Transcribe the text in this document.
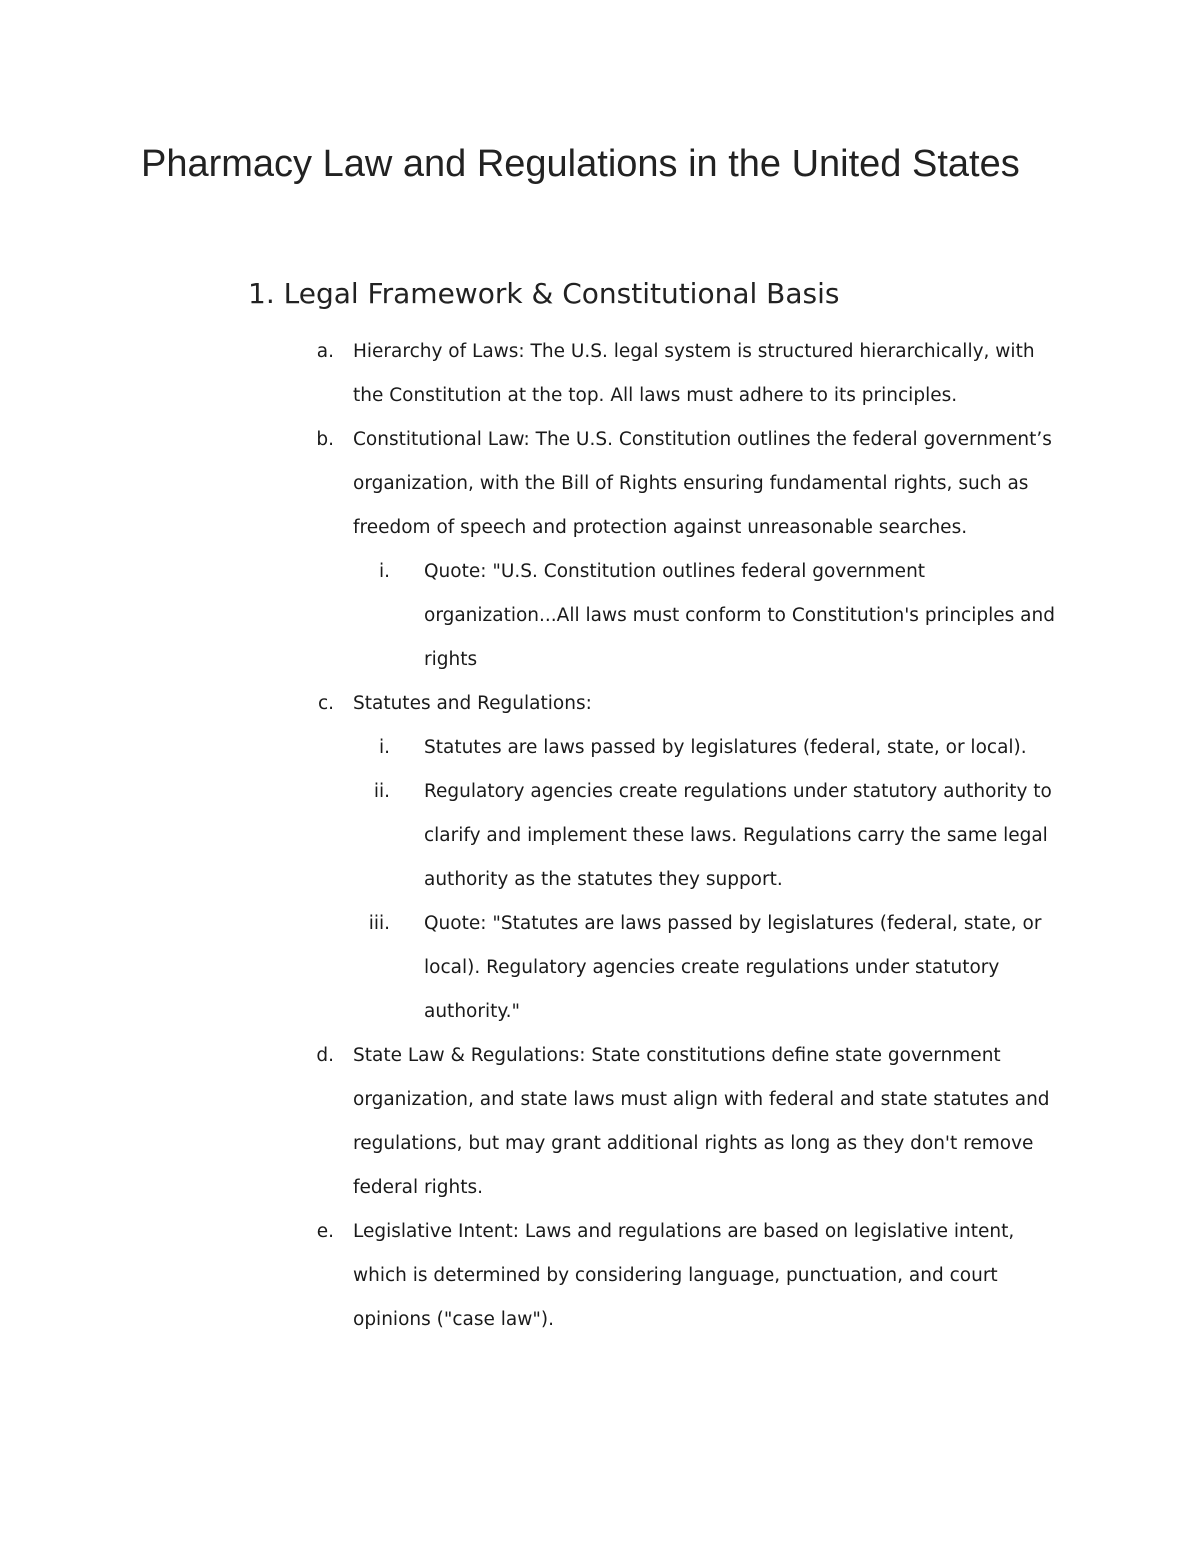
Pharmacy Law and Regulations in the United States
1. Legal Framework & Constitutional Basis
a. Hierarchy of Laws: The U.S. legal system is structured hierarchically, with the Constitution at the top. All laws must adhere to its principles.
b. Constitutional Law: The U.S. Constitution outlines the federal government’s organization, with the Bill of Rights ensuring fundamental rights, such as freedom of speech and protection against unreasonable searches.
i. Quote: "U.S. Constitution outlines federal government organization...All laws must conform to Constitution's principles and rights
c. Statutes and Regulations:
i. Statutes are laws passed by legislatures (federal, state, or local).
ii. Regulatory agencies create regulations under statutory authority to clarify and implement these laws. Regulations carry the same legal authority as the statutes they support.
iii. Quote: "Statutes are laws passed by legislatures (federal, state, or local). Regulatory agencies create regulations under statutory authority."
d. State Law & Regulations: State constitutions define state government organization, and state laws must align with federal and state statutes and regulations, but may grant additional rights as long as they don't remove federal rights.
e. Legislative Intent: Laws and regulations are based on legislative intent, which is determined by considering language, punctuation, and court opinions ("case law").
